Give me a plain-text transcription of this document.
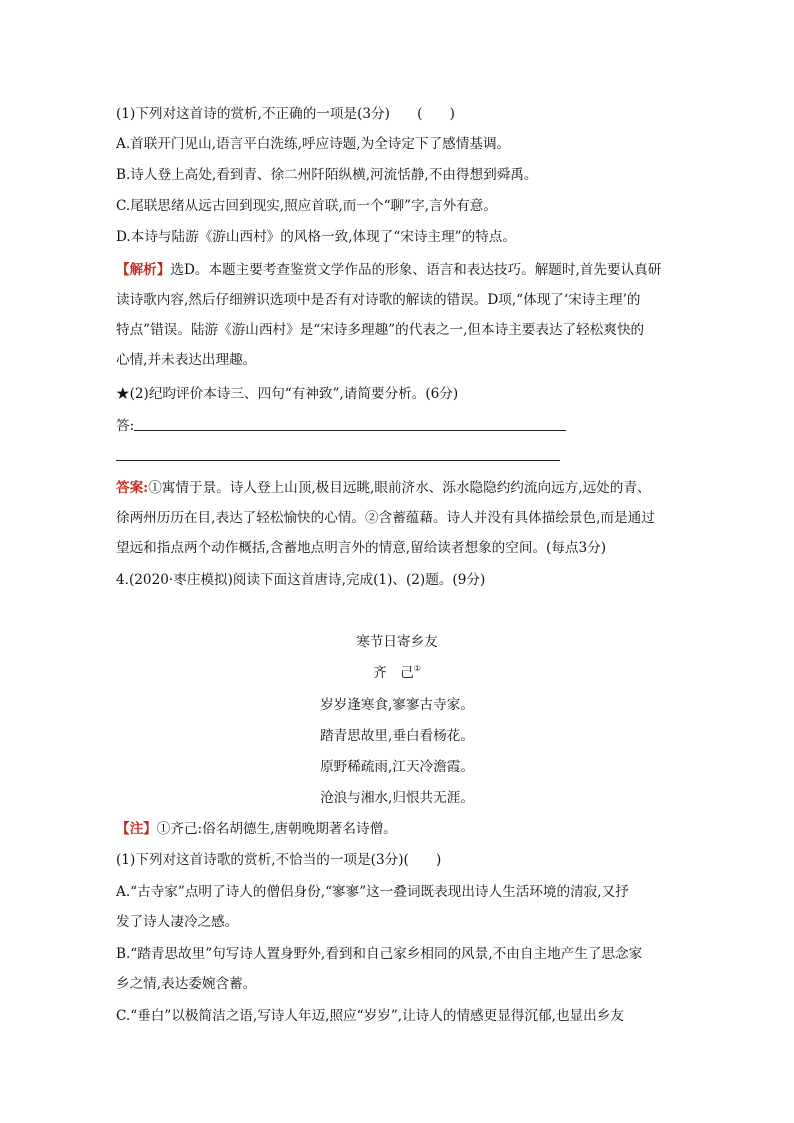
(1)下列对这首诗的赏析,不正确的一项是(3分)　　(　　)
A.首联开门见山,语言平白洗练,呼应诗题,为全诗定下了感情基调。
B.诗人登上高处,看到青、徐二州阡陌纵横,河流恬静,不由得想到舜禹。
C.尾联思绪从远古回到现实,照应首联,而一个“聊”字,言外有意。
D.本诗与陆游《游山西村》的风格一致,体现了“宋诗主理”的特点。
【解析】选D。本题主要考查鉴赏文学作品的形象、语言和表达技巧。解题时,首先要认真研
读诗歌内容,然后仔细辨识选项中是否有对诗歌的解读的错误。D项,“体现了‘宋诗主理’的
特点”错误。陆游《游山西村》是“宋诗多理趣”的代表之一,但本诗主要表达了轻松爽快的
心情,并未表达出理趣。
★(2)纪昀评价本诗三、四句“有神致”,请简要分析。(6分)
答:
答案:①寓情于景。诗人登上山顶,极目远眺,眼前济水、泺水隐隐约约流向远方,远处的青、
徐两州历历在目,表达了轻松愉快的心情。②含蓄蕴藉。诗人并没有具体描绘景色,而是通过
望远和指点两个动作概括,含蓄地点明言外的情意,留给读者想象的空间。(每点3分)
4.(2020·枣庄模拟)阅读下面这首唐诗,完成(1)、(2)题。(9分)
寒节日寄乡友
齐　己①
岁岁逢寒食,寥寥古寺家。
踏青思故里,垂白看杨花。
原野稀疏雨,江天冷澹霞。
沧浪与湘水,归恨共无涯。
【注】①齐己:俗名胡德生,唐朝晚期著名诗僧。
(1)下列对这首诗歌的赏析,不恰当的一项是(3分)(　　)
A.“古寺家”点明了诗人的僧侣身份,“寥寥”这一叠词既表现出诗人生活环境的清寂,又抒
发了诗人凄冷之感。
B.“踏青思故里”句写诗人置身野外,看到和自己家乡相同的风景,不由自主地产生了思念家
乡之情,表达委婉含蓄。
C.“垂白”以极简洁之语,写诗人年迈,照应“岁岁”,让诗人的情感更显得沉郁,也显出乡友
